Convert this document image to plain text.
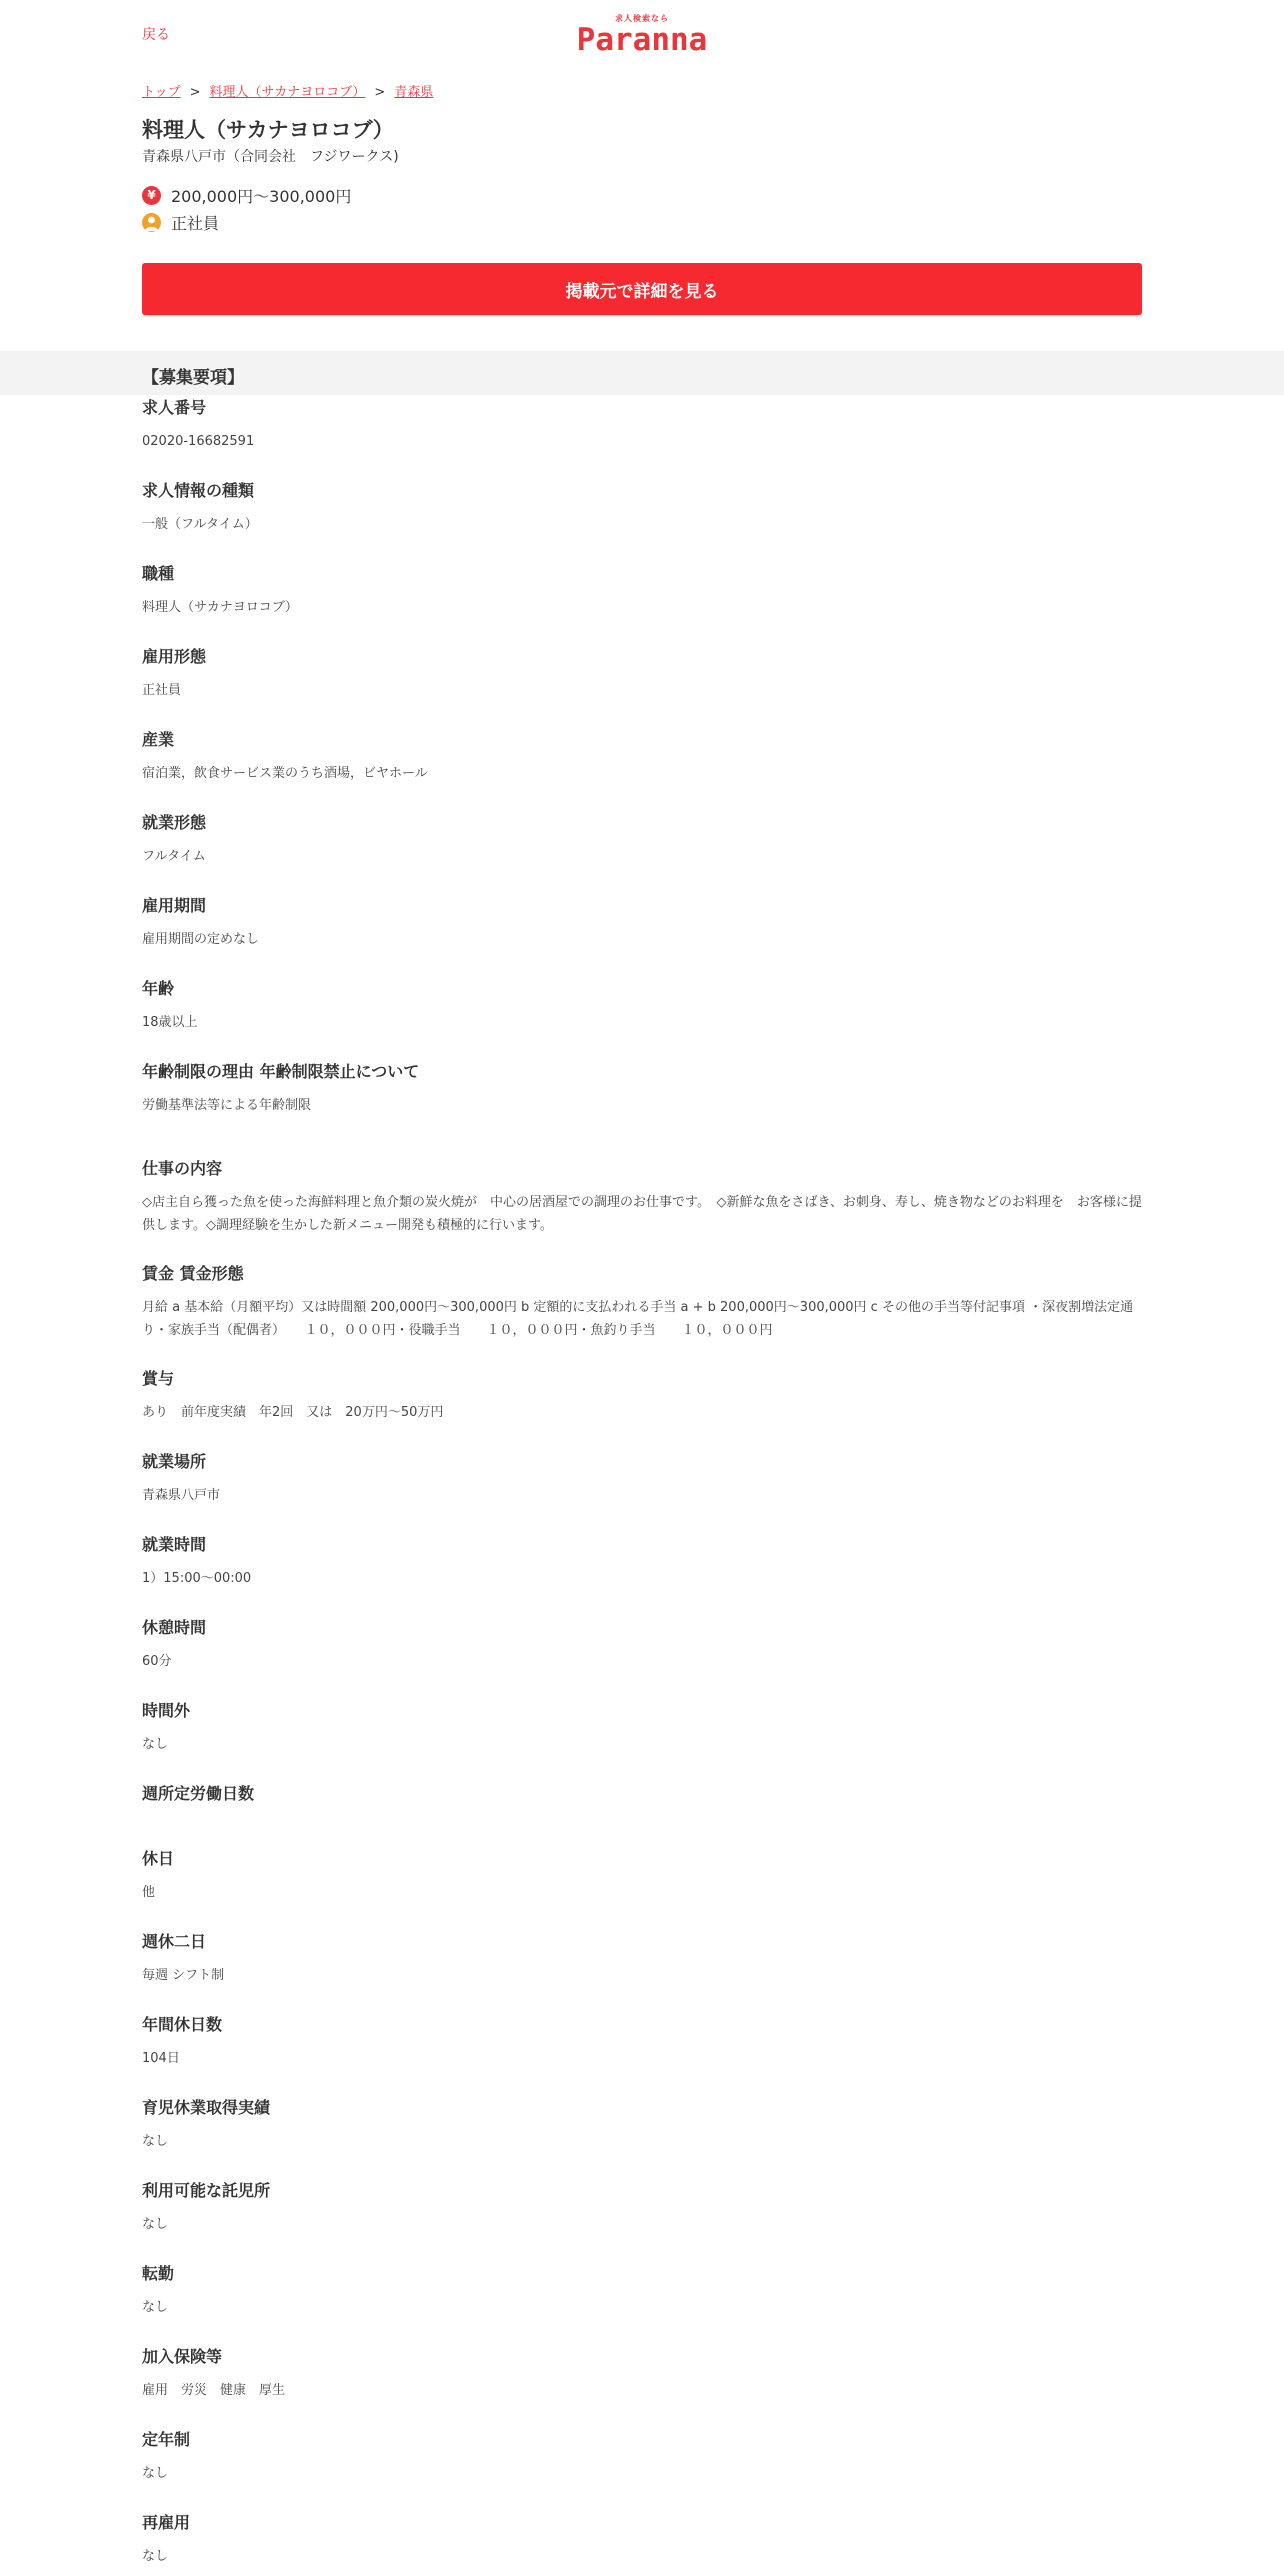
戻る
求人検索なら
Paranna
トップ > 料理人（サカナヨロコブ） > 青森県
料理人（サカナヨロコブ）
青森県八戸市（合同会社　フジワークス)
¥ 200,000円～300,000円
正社員
掲載元で詳細を見る
【募集要項】
求人番号
02020-16682591
求人情報の種類
一般（フルタイム）
職種
料理人（サカナヨロコブ）
雇用形態
正社員
産業
宿泊業，飲食サービス業のうち酒場，ビヤホール
就業形態
フルタイム
雇用期間
雇用期間の定めなし
年齢
18歳以上
年齢制限の理由 年齢制限禁止について
労働基準法等による年齢制限
仕事の内容
◇店主自ら獲った魚を使った海鮮料理と魚介類の炭火焼が　中心の居酒屋での調理のお仕事です。　◇新鮮な魚をさばき、お刺身、寿し、焼き物などのお料理を　お客様に提供します。◇調理経験を生かした新メニュー開発も積極的に行います。
賃金 賃金形態
月給 a 基本給（月額平均）又は時間額 200,000円～300,000円 b 定額的に支払われる手当 a + b 200,000円～300,000円 c その他の手当等付記事項 ・深夜割増法定通り・家族手当（配偶者）　　１０，０００円・役職手当　　１０，０００円・魚釣り手当　　１０，０００円
賞与
あり　前年度実績　年2回　又は　20万円～50万円
就業場所
青森県八戸市
就業時間
1）15:00～00:00
休憩時間
60分
時間外
なし
週所定労働日数
休日
他
週休二日
毎週 シフト制
年間休日数
104日
育児休業取得実績
なし
利用可能な託児所
なし
転勤
なし
加入保険等
雇用　労災　健康　厚生
定年制
なし
再雇用
なし
